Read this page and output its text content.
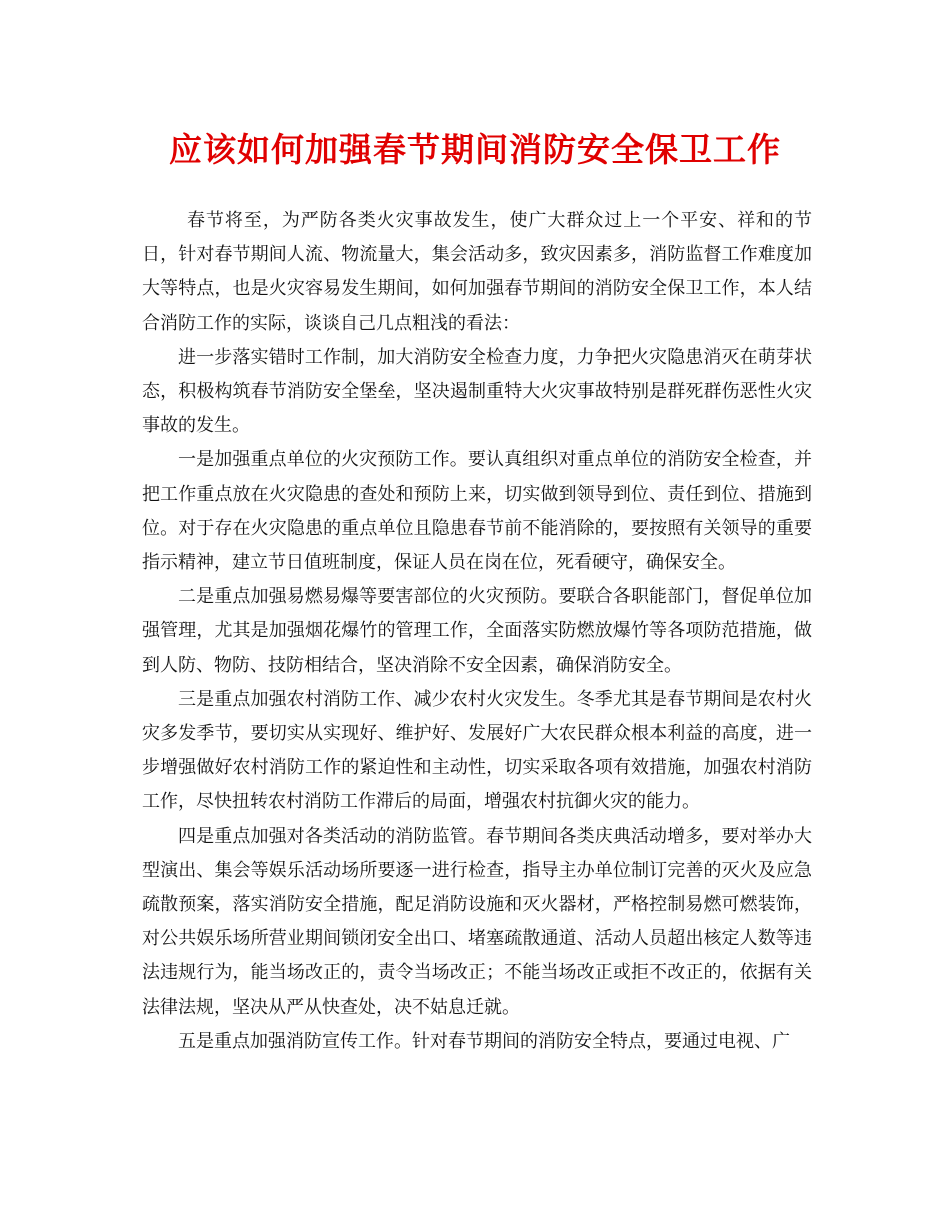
应该如何加强春节期间消防安全保卫工作

春节将至，为严防各类火灾事故发生，使广大群众过上一个平安、祥和的节日，针对春节期间人流、物流量大，集会活动多，致灾因素多，消防监督工作难度加大等特点，也是火灾容易发生期间，如何加强春节期间的消防安全保卫工作，本人结合消防工作的实际，谈谈自己几点粗浅的看法：

进一步落实错时工作制，加大消防安全检查力度，力争把火灾隐患消灭在萌芽状态，积极构筑春节消防安全堡垒，坚决遏制重特大火灾事故特别是群死群伤恶性火灾事故的发生。

一是加强重点单位的火灾预防工作。要认真组织对重点单位的消防安全检查，并把工作重点放在火灾隐患的查处和预防上来，切实做到领导到位、责任到位、措施到位。对于存在火灾隐患的重点单位且隐患春节前不能消除的，要按照有关领导的重要指示精神，建立节日值班制度，保证人员在岗在位，死看硬守，确保安全。

二是重点加强易燃易爆等要害部位的火灾预防。要联合各职能部门，督促单位加强管理，尤其是加强烟花爆竹的管理工作，全面落实防燃放爆竹等各项防范措施，做到人防、物防、技防相结合，坚决消除不安全因素，确保消防安全。

三是重点加强农村消防工作、减少农村火灾发生。冬季尤其是春节期间是农村火灾多发季节，要切实从实现好、维护好、发展好广大农民群众根本利益的高度，进一步增强做好农村消防工作的紧迫性和主动性，切实采取各项有效措施，加强农村消防工作，尽快扭转农村消防工作滞后的局面，增强农村抗御火灾的能力。

四是重点加强对各类活动的消防监管。春节期间各类庆典活动增多，要对举办大型演出、集会等娱乐活动场所要逐一进行检查，指导主办单位制订完善的灭火及应急疏散预案，落实消防安全措施，配足消防设施和灭火器材，严格控制易燃可燃装饰，对公共娱乐场所营业期间锁闭安全出口、堵塞疏散通道、活动人员超出核定人数等违法违规行为，能当场改正的，责令当场改正；不能当场改正或拒不改正的，依据有关法律法规，坚决从严从快查处，决不姑息迁就。

五是重点加强消防宣传工作。针对春节期间的消防安全特点，要通过电视、广
